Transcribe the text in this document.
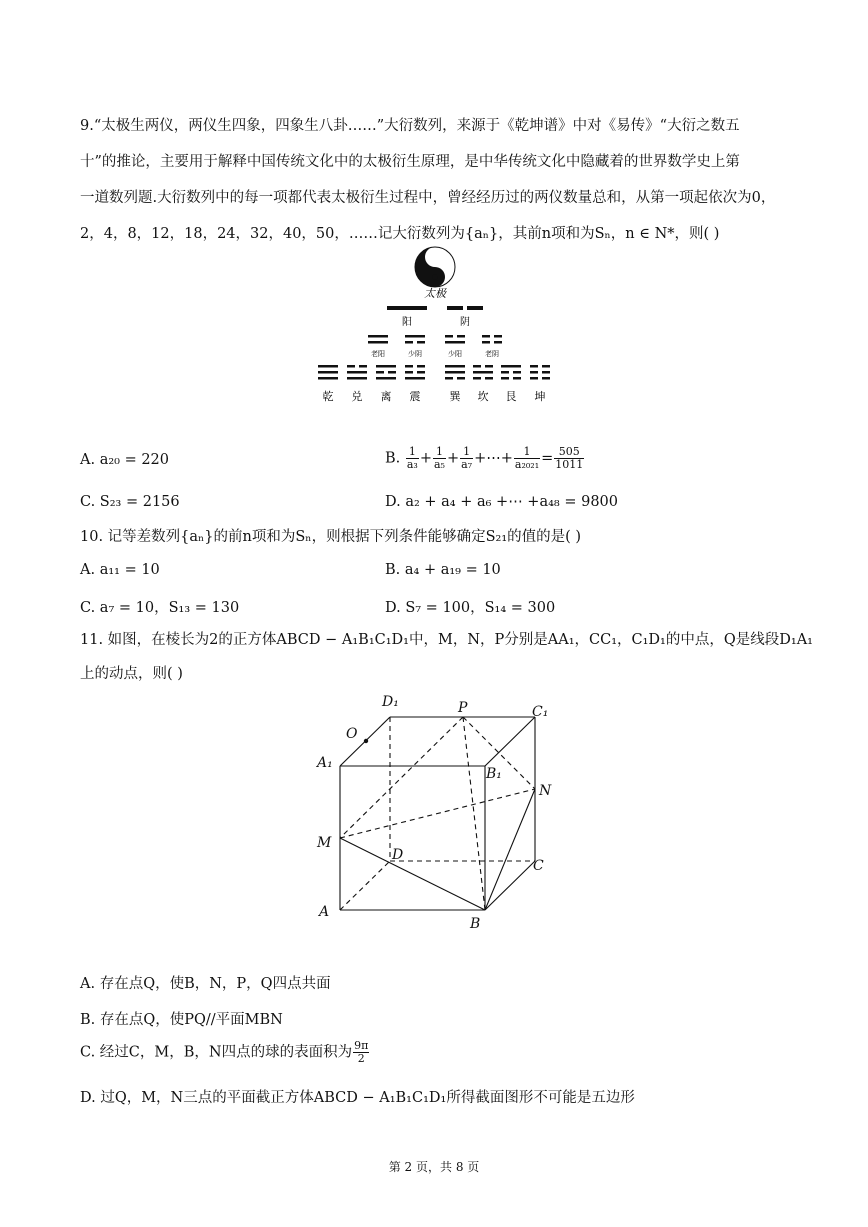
9.“太极生两仪，两仪生四象，四象生八卦……”大衍数列，来源于《乾坤谱》中对《易传》“大衍之数五
十”的推论，主要用于解释中国传统文化中的太极衍生原理，是中华传统文化中隐藏着的世界数学史上第
一道数列题.大衍数列中的每一项都代表太极衍生过程中，曾经经历过的两仪数量总和，从第一项起依次为0，
2，4，8，12，18，24，32，40，50，……记大衍数列为{aₙ}，其前n项和为Sₙ，n ∈ N*，则( )
太极
阳	阴
老阳	少阴	少阳	老阴
乾 兑 离 震	巽 坎 艮 坤
A. a₂₀ = 220	B. $\frac{1}{\text{a₃}} + \frac{1}{\text{a₅}} + \frac{1}{\text{a₇}}$ +⋯+ $\frac{1}{\text{a₂₀₂₁}} = \frac{505}{1011}$
C. S₂₃ = 2156	D. a₂ + a₄ + a₆ +⋯ +a₄₈ = 9800
10. 记等差数列{aₙ}的前n项和为Sₙ，则根据下列条件能够确定S₂₁的值的是( )
A. a₁₁ = 10	B. a₄ + a₁₉ = 10
C. a₇ = 10，S₁₃ = 130	D. S₇ = 100，S₁₄ = 300
11. 如图，在棱长为2的正方体ABCD − A₁B₁C₁D₁中，M，N，P分别是AA₁，CC₁，C₁D₁的中点，Q是线段D₁A₁
上的动点，则( )
D₁	P	C₁
O
A₁
B₁
N
M
D
C
A
B
A. 存在点Q，使B，N，P，Q四点共面
B. 存在点Q，使PQ//平面MBN
C. 经过C，M，B，N四点的球的表面积为 $\frac{9\pi}{2}$
D. 过Q，M，N三点的平面截正方体ABCD − A₁B₁C₁D₁所得截面图形不可能是五边形
第 2 页，共 8 页
